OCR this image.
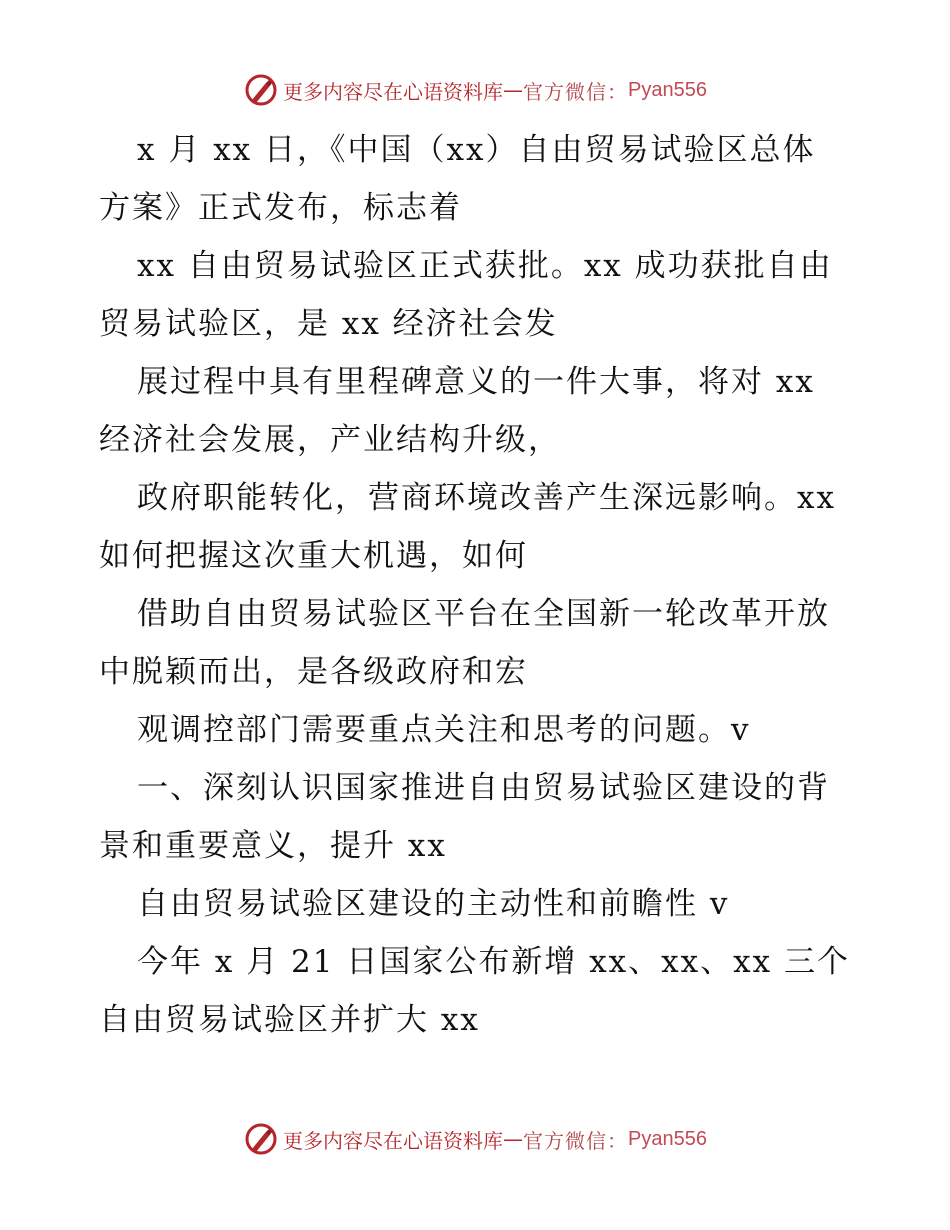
更多内容尽在心语资料库 — 官方微信： Pyan556
x 月 xx 日，《中国（xx）自由贸易试验区总体
方案》正式发布，标志着
xx 自由贸易试验区正式获批。xx 成功获批自由
贸易试验区，是 xx 经济社会发
展过程中具有里程碑意义的一件大事，将对 xx
经济社会发展，产业结构升级，
政府职能转化，营商环境改善产生深远影响。xx
如何把握这次重大机遇，如何
借助自由贸易试验区平台在全国新一轮改革开放
中脱颖而出，是各级政府和宏
观调控部门需要重点关注和思考的问题。v
一、深刻认识国家推进自由贸易试验区建设的背
景和重要意义，提升 xx
自由贸易试验区建设的主动性和前瞻性 v
今年 x 月 21 日国家公布新增 xx、xx、xx 三个
自由贸易试验区并扩大 xx
更多内容尽在心语资料库 — 官方微信： Pyan556
